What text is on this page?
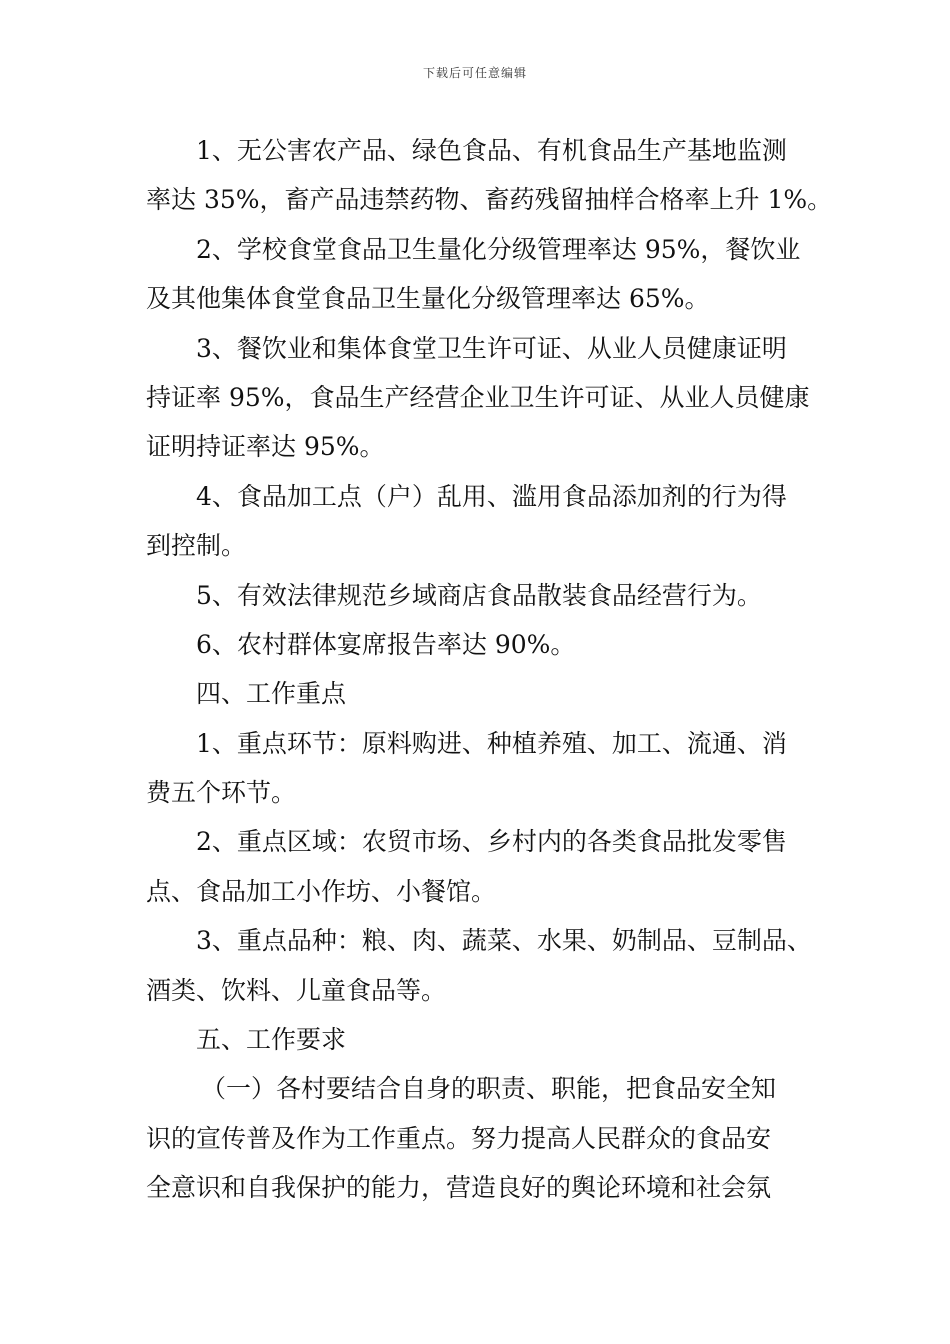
下载后可任意编辑
1、无公害农产品、绿色食品、有机食品生产基地监测
率达 35%，畜产品违禁药物、畜药残留抽样合格率上升 1%。
2、学校食堂食品卫生量化分级管理率达 95%，餐饮业
及其他集体食堂食品卫生量化分级管理率达 65%。
3、餐饮业和集体食堂卫生许可证、从业人员健康证明
持证率 95%，食品生产经营企业卫生许可证、从业人员健康
证明持证率达 95%。
4、食品加工点（户）乱用、滥用食品添加剂的行为得
到控制。
5、有效法律规范乡域商店食品散装食品经营行为。
6、农村群体宴席报告率达 90%。
四、工作重点
1、重点环节：原料购进、种植养殖、加工、流通、消
费五个环节。
2、重点区域：农贸市场、乡村内的各类食品批发零售
点、食品加工小作坊、小餐馆。
3、重点品种：粮、肉、蔬菜、水果、奶制品、豆制品、
酒类、饮料、儿童食品等。
五、工作要求
（一）各村要结合自身的职责、职能，把食品安全知
识的宣传普及作为工作重点。努力提高人民群众的食品安
全意识和自我保护的能力，营造良好的舆论环境和社会氛
